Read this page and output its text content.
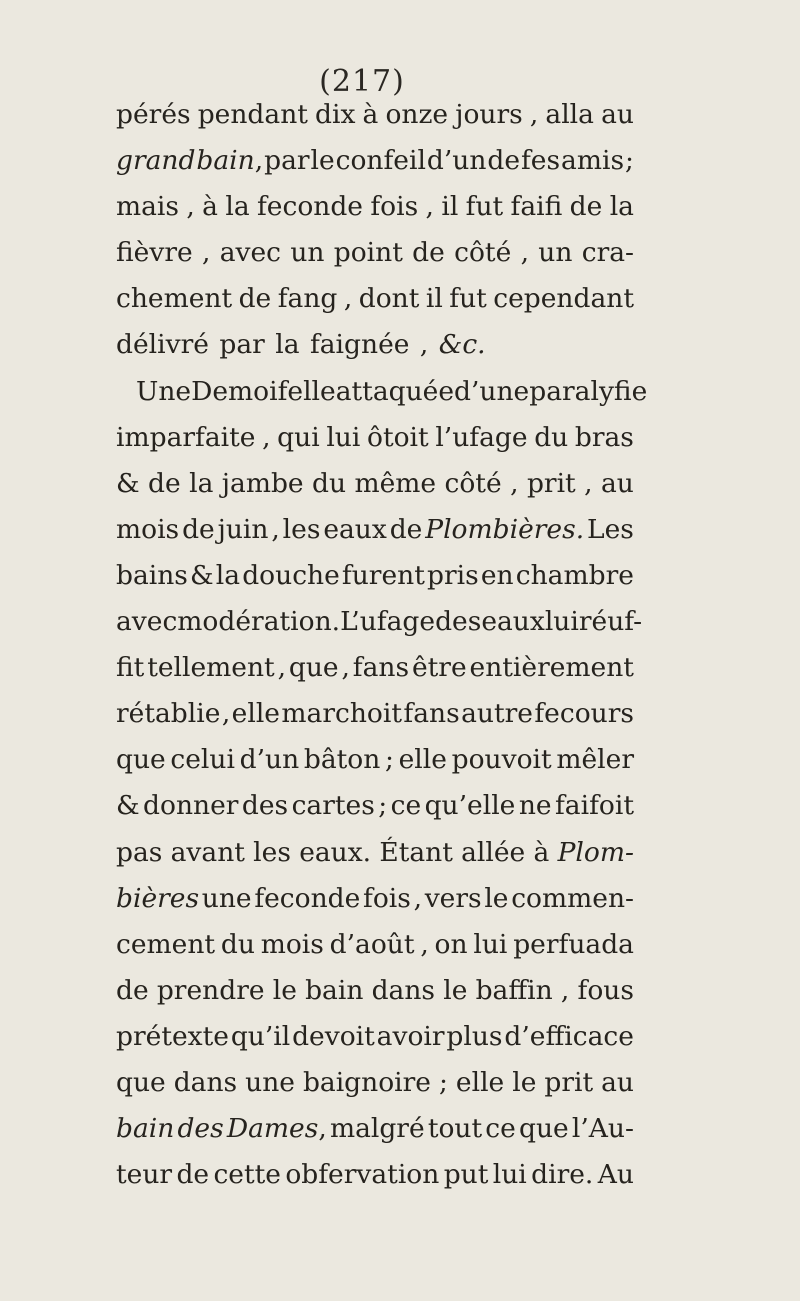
(217)
pérés pendant dix à onze jours , alla au
grand bain, par le confeil d’un de fes amis ;
mais , à la feconde fois , il fut faifi de la
fièvre , avec un point de côté , un cra-
chement de fang , dont il fut cependant
délivré
par
la
faignée
,
&c.
Une Demoifelle attaquée d’une paralyfie
imparfaite , qui lui ôtoit l’ufage du bras
& de la jambe du même côté , prit , au
mois de juin , les eaux de Plombières. Les
bains & la douche furent pris en chambre
avec modération. L’ufage des eaux lui réuf-
fit tellement , que , fans être entièrement
rétablie , elle marchoit fans autre fecours
que celui d’un bâton ; elle pouvoit mêler
& donner des cartes ; ce qu’elle ne faifoit
pas avant les eaux. Étant allée à Plom-
bières une feconde fois , vers le commen-
cement du mois d’août , on lui perfuada
de prendre le bain dans le baffin , fous
prétexte qu’il devoit avoir plus d’efficace
que dans une baignoire ; elle le prit au
bain des Dames, malgré tout ce que l’Au-
teur de cette obfervation put lui dire. Au
